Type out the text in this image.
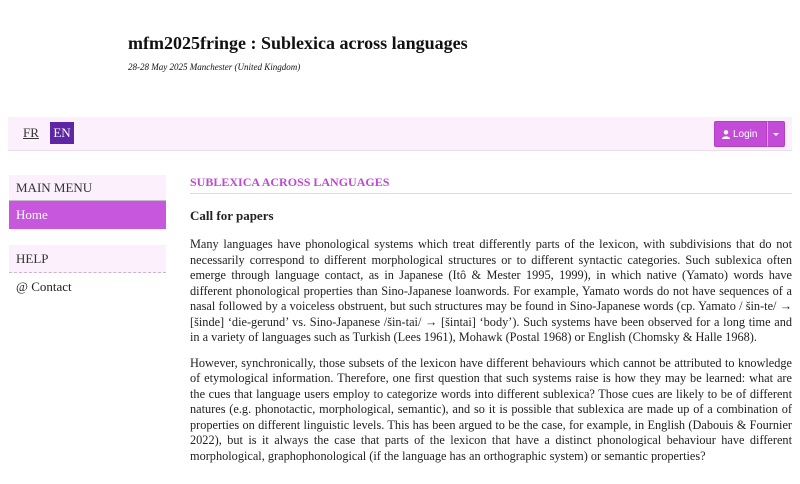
mfm2025fringe : Sublexica across languages
28-28 May 2025 Manchester (United Kingdom)
FR EN	Login
MAIN MENU
Home
HELP
@ Contact
SUBLEXICA ACROSS LANGUAGES
Call for papers

Many languages have phonological systems which treat differently parts of the lexicon, with subdivisions that do not necessarily correspond to different morphological structures or to different syntactic categories. Such sublexica often emerge through language contact, as in Japanese (Itô & Mester 1995, 1999), in which native (Yamato) words have different phonological properties than Sino-Japanese loanwords. For example, Yamato words do not have sequences of a nasal followed by a voiceless obstruent, but such structures may be found in Sino-Japanese words (cp. Yamato / šin-te/ → [šinde] ‘die-gerund’ vs. Sino-Japanese /šin-tai/ → [šintai] ‘body’). Such systems have been observed for a long time and in a variety of languages such as Turkish (Lees 1961), Mohawk (Postal 1968) or English (Chomsky & Halle 1968).

However, synchronically, those subsets of the lexicon have different behaviours which cannot be attributed to knowledge of etymological information. Therefore, one first question that such systems raise is how they may be learned: what are the cues that language users employ to categorize words into different sublexica? Those cues are likely to be of different natures (e.g. phonotactic, morphological, semantic), and so it is possible that sublexica are made up of a combination of properties on different linguistic levels. This has been argued to be the case, for example, in English (Dabouis & Fournier 2022), but is it always the case that parts of the lexicon that have a distinct phonological behaviour have different morphological, graphophonological (if the language has an orthographic system) or semantic properties?
